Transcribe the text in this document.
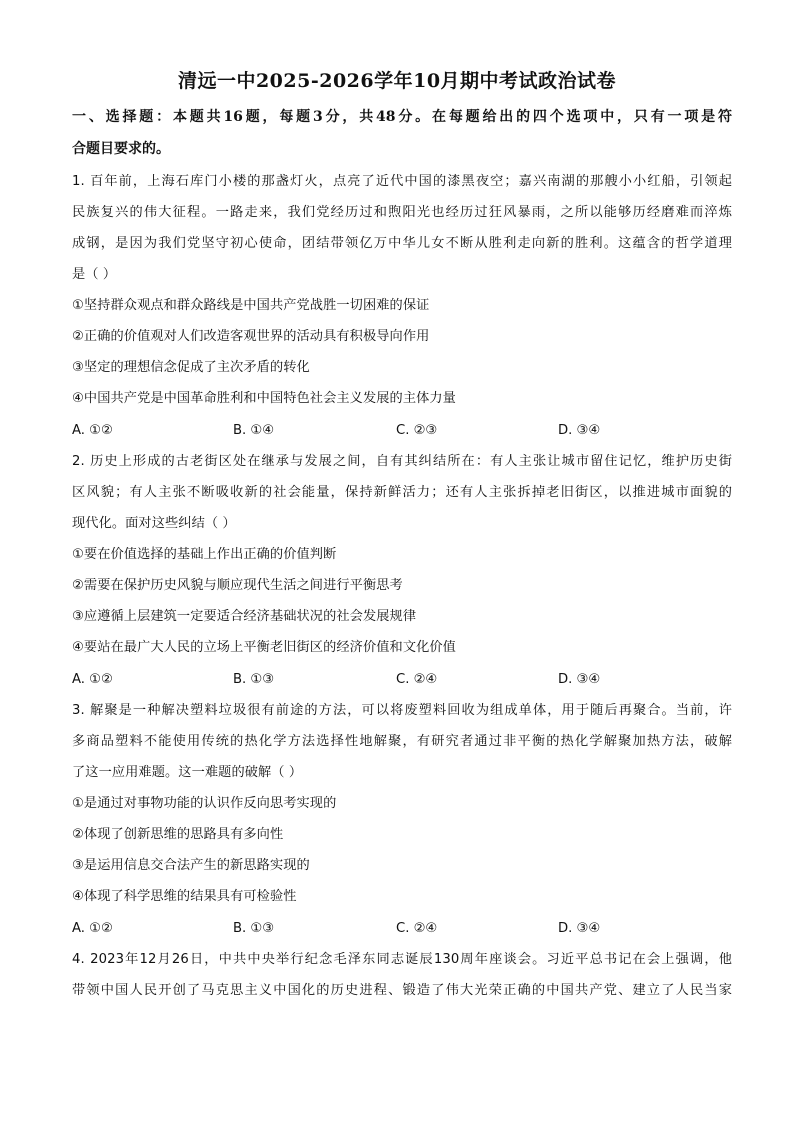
清远一中2025-2026学年10月期中考试政治试卷
一、选择题：本题共16题，每题3分，共48分。在每题给出的四个选项中，只有一项是符
合题目要求的。
1. 百年前，上海石库门小楼的那盏灯火，点亮了近代中国的漆黑夜空；嘉兴南湖的那艘小小红船，引领起
民族复兴的伟大征程。一路走来，我们党经历过和煦阳光也经历过狂风暴雨，之所以能够历经磨难而淬炼
成钢，是因为我们党坚守初心使命，团结带领亿万中华儿女不断从胜利走向新的胜利。这蕴含的哲学道理
是（ ）
①坚持群众观点和群众路线是中国共产党战胜一切困难的保证
②正确的价值观对人们改造客观世界的活动具有积极导向作用
③坚定的理想信念促成了主次矛盾的转化
④中国共产党是中国革命胜利和中国特色社会主义发展的主体力量
A. ①②	B. ①④	C. ②③	D. ③④
2. 历史上形成的古老街区处在继承与发展之间，自有其纠结所在：有人主张让城市留住记忆，维护历史街
区风貌；有人主张不断吸收新的社会能量，保持新鲜活力；还有人主张拆掉老旧街区，以推进城市面貌的
现代化。面对这些纠结（ ）
①要在价值选择的基础上作出正确的价值判断
②需要在保护历史风貌与顺应现代生活之间进行平衡思考
③应遵循上层建筑一定要适合经济基础状况的社会发展规律
④要站在最广大人民的立场上平衡老旧街区的经济价值和文化价值
A. ①②	B. ①③	C. ②④	D. ③④
3. 解聚是一种解决塑料垃圾很有前途的方法，可以将废塑料回收为组成单体，用于随后再聚合。当前，许
多商品塑料不能使用传统的热化学方法选择性地解聚，有研究者通过非平衡的热化学解聚加热方法，破解
了这一应用难题。这一难题的破解（ ）
①是通过对事物功能的认识作反向思考实现的
②体现了创新思维的思路具有多向性
③是运用信息交合法产生的新思路实现的
④体现了科学思维的结果具有可检验性
A. ①②	B. ①③	C. ②④	D. ③④
4. 2023年12月26日，中共中央举行纪念毛泽东同志诞辰130周年座谈会。习近平总书记在会上强调，他
带领中国人民开创了马克思主义中国化的历史进程、锻造了伟大光荣正确的中国共产党、建立了人民当家
